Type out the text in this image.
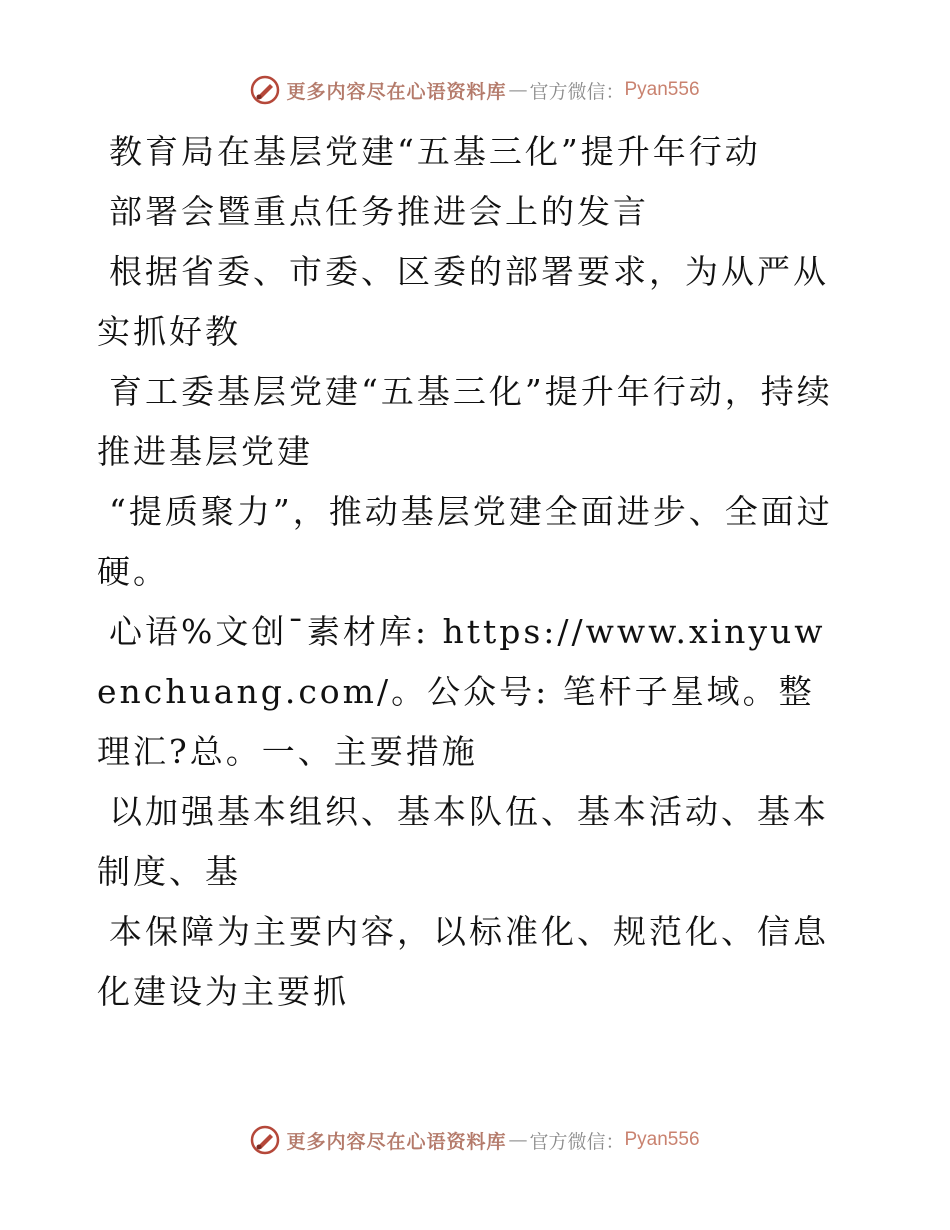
更多内容尽在心语资料库 — 官方微信： Pyan556

教育局在基层党建“五基三化”提升年行动

部署会暨重点任务推进会上的发言

根据省委、市委、区委的部署要求，为从严从实抓好教

育工委基层党建“五基三化”提升年行动，持续推进基层党建

“提质聚力”，推动基层党建全面进步、全面过硬。

心语%文创¯素材库: https://www.xinyuwenchuang.com/。公众号: 笔杆子星域。整理汇?总。一、主要措施

以加强基本组织、基本队伍、基本活动、基本制度、基

本保障为主要内容，以标准化、规范化、信息化建设为主要抓

更多内容尽在心语资料库 — 官方微信： Pyan556
